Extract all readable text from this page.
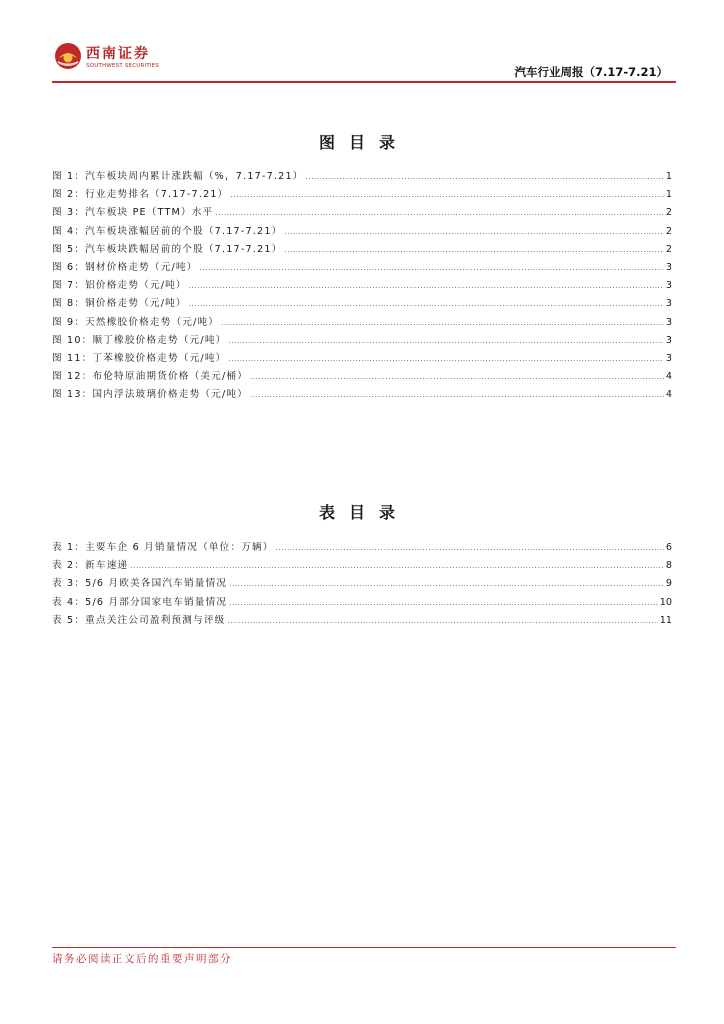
西南证券
SOUTHWEST SECURITIES	汽车行业周报（7.17-7.21）
图目录
图 1：汽车板块周内累计涨跌幅（%，7.17-7.21） .....	1
图 2：行业走势排名（7.17-7.21） .....	1
图 3：汽车板块 PE（TTM）水平 .....	2
图 4：汽车板块涨幅居前的个股（7.17-7.21） .....	2
图 5：汽车板块跌幅居前的个股（7.17-7.21） .....	2
图 6：钢材价格走势（元/吨） .....	3
图 7：铝价格走势（元/吨） .....	3
图 8：铜价格走势（元/吨） .....	3
图 9：天然橡胶价格走势（元/吨） .....	3
图 10：顺丁橡胶价格走势（元/吨） .....	3
图 11：丁苯橡胶价格走势（元/吨） .....	3
图 12：布伦特原油期货价格（美元/桶） .....	4
图 13：国内浮法玻璃价格走势（元/吨） .....	4
表目录
表 1：主要车企 6 月销量情况（单位：万辆） .....	6
表 2：新车速递 .....	8
表 3：5/6 月欧美各国汽车销量情况 .....	9
表 4：5/6 月部分国家电车销量情况 .....	10
表 5：重点关注公司盈利预测与评级 .....	11
请务必阅读正文后的重要声明部分
